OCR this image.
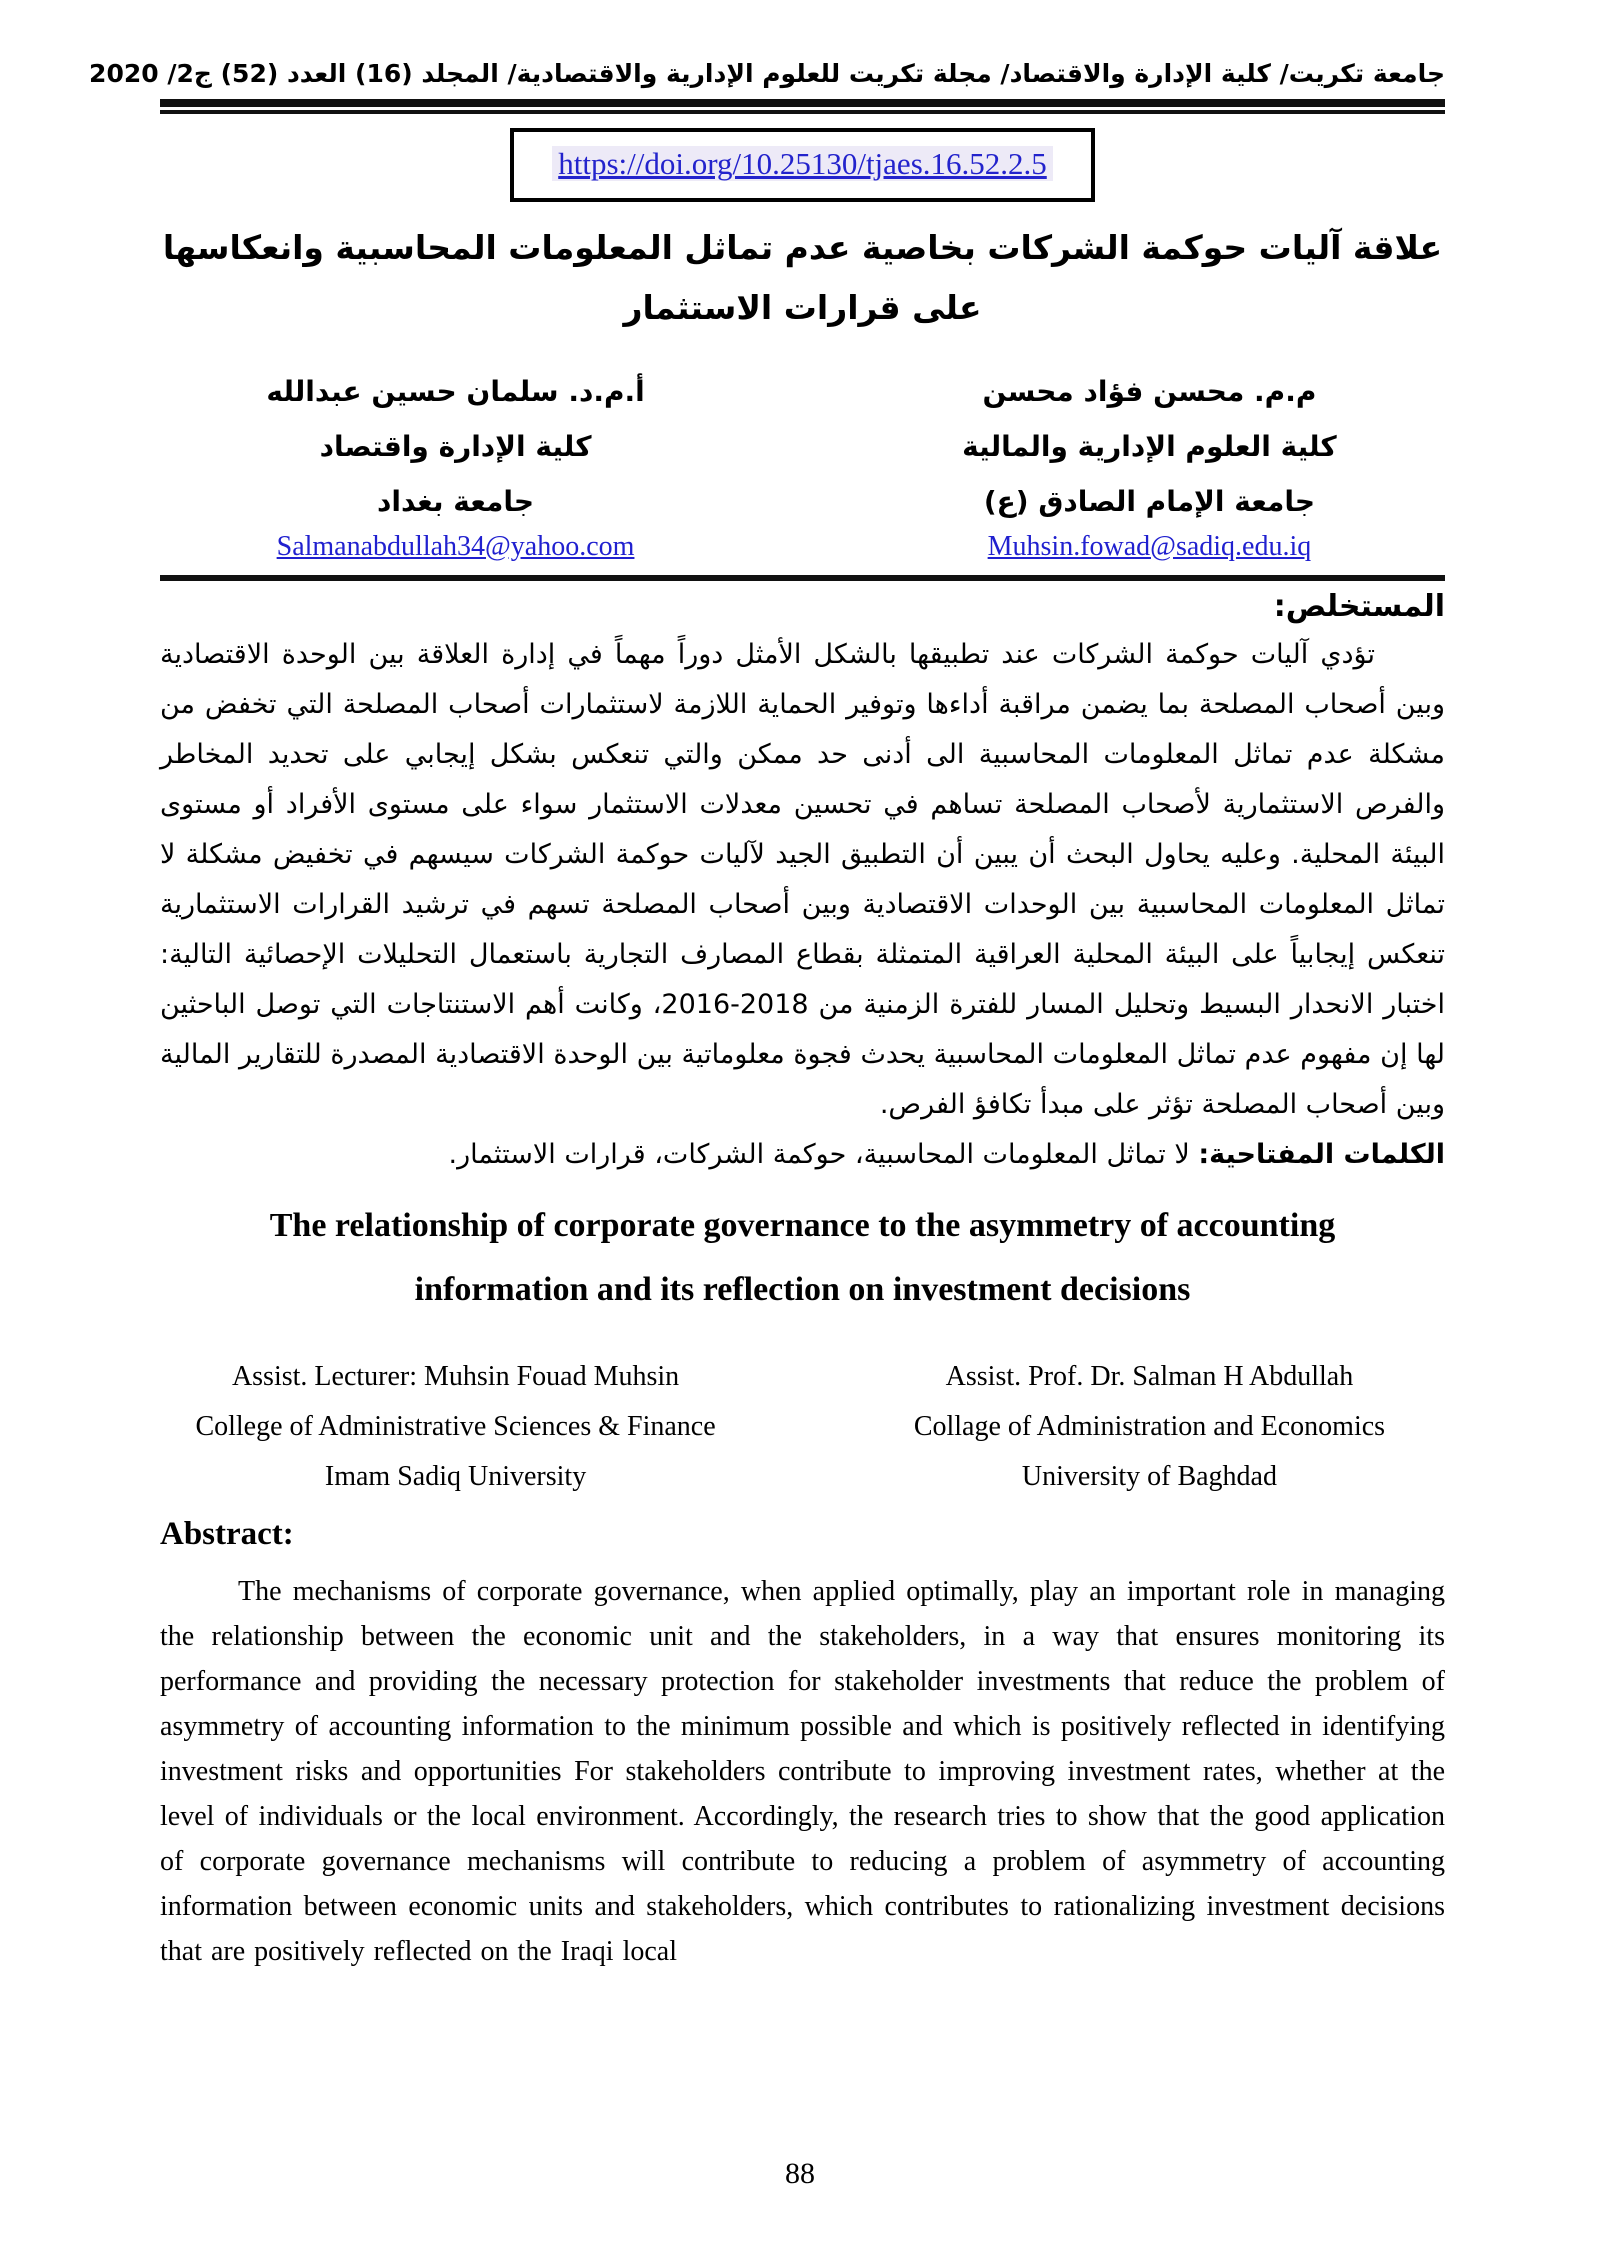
جامعة تكريت/ كلية الإدارة والاقتصاد/ مجلة تكريت للعلوم الإدارية والاقتصادية/ المجلد (16) العدد (52) ج2/ 2020
https://doi.org/10.25130/tjaes.16.52.2.5
علاقة آليات حوكمة الشركات بخاصية عدم تماثل المعلومات المحاسبية وانعكاسها
على قرارات الاستثمار
أ.م.د. سلمان حسين عبدالله
كلية الإدارة واقتصاد
جامعة بغداد
Salmanabdullah34@yahoo.com
م.م. محسن فؤاد محسن
كلية العلوم الإدارية والمالية
جامعة الإمام الصادق (ع)
Muhsin.fowad@sadiq.edu.iq
المستخلص:
تؤدي آليات حوكمة الشركات عند تطبيقها بالشكل الأمثل دوراً مهماً في إدارة العلاقة بين الوحدة الاقتصادية وبين أصحاب المصلحة بما يضمن مراقبة أداءها وتوفير الحماية اللازمة لاستثمارات أصحاب المصلحة التي تخفض من مشكلة عدم تماثل المعلومات المحاسبية الى أدنى حد ممكن والتي تنعكس بشكل إيجابي على تحديد المخاطر والفرص الاستثمارية لأصحاب المصلحة تساهم في تحسين معدلات الاستثمار سواء على مستوى الأفراد أو مستوى البيئة المحلية. وعليه يحاول البحث أن يبين أن التطبيق الجيد لآليات حوكمة الشركات سيسهم في تخفيض مشكلة لا تماثل المعلومات المحاسبية بين الوحدات الاقتصادية وبين أصحاب المصلحة تسهم في ترشيد القرارات الاستثمارية تنعكس إيجابياً على البيئة المحلية العراقية المتمثلة بقطاع المصارف التجارية باستعمال التحليلات الإحصائية التالية: اختبار الانحدار البسيط وتحليل المسار للفترة الزمنية من 2018-2016، وكانت أهم الاستنتاجات التي توصل الباحثين لها إن مفهوم عدم تماثل المعلومات المحاسبية يحدث فجوة معلوماتية بين الوحدة الاقتصادية المصدرة للتقارير المالية وبين أصحاب المصلحة تؤثر على مبدأ تكافؤ الفرص.
الكلمات المفتاحية: لا تماثل المعلومات المحاسبية، حوكمة الشركات، قرارات الاستثمار.
The relationship of corporate governance to the asymmetry of accounting information and its reflection on investment decisions
Assist. Lecturer: Muhsin Fouad Muhsin
College of Administrative Sciences & Finance
Imam Sadiq University
Assist. Prof. Dr. Salman H Abdullah
Collage of Administration and Economics
University of Baghdad
Abstract:
The mechanisms of corporate governance, when applied optimally, play an important role in managing the relationship between the economic unit and the stakeholders, in a way that ensures monitoring its performance and providing the necessary protection for stakeholder investments that reduce the problem of asymmetry of accounting information to the minimum possible and which is positively reflected in identifying investment risks and opportunities For stakeholders contribute to improving investment rates, whether at the level of individuals or the local environment. Accordingly, the research tries to show that the good application of corporate governance mechanisms will contribute to reducing a problem of asymmetry of accounting information between economic units and stakeholders, which contributes to rationalizing investment decisions that are positively reflected on the Iraqi local
88
